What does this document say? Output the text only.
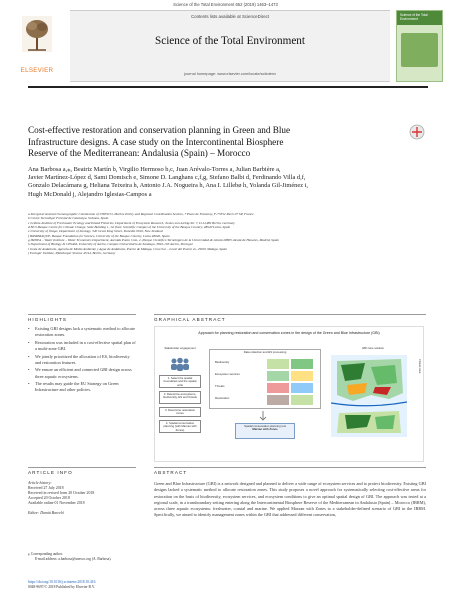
Science of the Total Environment 652 (2019) 1463–1473
ELSEVIER
Contents lists available at ScienceDirect
Science of the Total Environment
journal homepage: www.elsevier.com/locate/scitotenv
Science of the Total Environment
Cost-effective restoration and conservation planning in Green and Blue
Infrastructure designs. A case study on the Intercontinental Biosphere
Reserve of the Mediterranean: Andalusia (Spain) – Morocco
Ana Barbosa a,⁎, Beatriz Martín b, Virgilio Hermoso b,c, Juan Arévalo-Torres a, Julian Barbière a,
Javier Martínez-López d, Sami Domisch e, Simone D. Langhans c,f,g, Stefano Balbi d, Ferdinando Villa d,f,
Gonzalo Delacámara g, Heliana Teixeira h, Antonio J.A. Nogueira h, Ana I. Lillebø h, Yolanda Gil-Jiménez i,
Hugh McDonald j, Alejandro Iglesias-Campos a
a Intergovernmental Oceanographic Commission of UNESCO, Marine Policy and Regional Coordination Section, 7 Place de Fontenoy, F-75352 Paris 07 SP, France
b Centre Tecnològic Forestal de Catalunya, Solsona, Spain
c Leibniz-Institute of Freshwater Ecology and Inland Fisheries, Department of Ecosystem Research, Justus-von-Liebig-Str. 7, D-12489 Berlin, Germany
d BC3-Basque Centre for Climate Change, Sede Building 1, 1st floor, Scientific Campus of the University of the Basque Country, 48940 Leioa, Spain
e University of Otago, Department of Zoology, 340 Great King Street, Dunedin 9016, New Zealand
f IKERBASQUE, Basque Foundation for Science, University of the Basque Country, Leioa 48940, Spain
g IMDEA – Water Institute – Water Economics Department, Avenida Punto Com, 2, Parque Científico Tecnológico de la Universidad de Alcalá 28805 Alcalá de Henares, Madrid, Spain
h Department of Biology & CESAM, University of Aveiro, Campus Universitário de Santiago, 3810-193 Aveiro, Portugal
i Junta de Andalucía, Agencia de Medio Ambiente y Agua de Andalucía, Puerto de Málaga, Cono Sur – Local del Puerto sn, 29001 Málaga, Spain
j Ecologic Institute, Pfalzburger Strasse 43/44, Berlin, Germany
HIGHLIGHTS
• Existing GBI designs lack a systematic method to allocate restoration zones.
• Restoration was included in a cost-effective spatial plan of a multi-zone GBI.
• We jointly prioritized the allocation of ES, biodiversity and restoration features.
• We ensure an efficient and connected GBI design across three aquatic ecosystems.
• The results may guide the EU Strategy on Green Infrastructure and other policies.
GRAPHICAL ABSTRACT
Approach for planning restoration and conservation zones in the design of the Green and Blue Infrastructure (GBI)
Stakeholder engagement
1. Select the spatial boundaries and the spatial units
2. Determine ecosystems, biodiversity, ES and threats
3. Determine restoration zones
4. Spatial conservation planning (with Marxan with Zones)
Data collection and ES processing
Biodiversity
Ecosystem services
Threats
Restoration
Spatial conservation planning tool
Marxan with Zones
GBI zone solution
Critical zone
ARTICLE INFO
Article history:
Received 27 July 2018
Received in revised form 20 October 2018
Accepted 20 October 2018
Available online 01 November 2018
Editor: Damià Barceló
ABSTRACT
Green and Blue Infrastructure (GBI) is a network designed and planned to deliver a wide range of ecosystem services and to protect biodiversity. Existing GBI designs lacked a systematic method to allocate restoration zones. This study proposes a novel approach for systematically selecting cost-effective areas for restoration on the basis of biodiversity, ecosystem services, and ecosystem conditions to give an optimal spatial design of GBI. The approach was tested at a regional scale, in a transboundary setting entering along the Intercontinental Biosphere Reserve of the Mediterranean in Andalusia (Spain) – Morocco (IBRM), across three aquatic ecosystems: freshwater, coastal and marine. We applied Marxan with Zones to a stakeholder-defined scenario of GBI in the IBRM. Specifically, we aimed to identify management zones within the GBI that addressed different conservation,
⁎ Corresponding author.
E-mail address: a.barbosa@unesco.org (A. Barbosa).
https://doi.org/10.1016/j.scitotenv.2018.10.416
0048-9697/© 2018 Published by Elsevier B.V.
